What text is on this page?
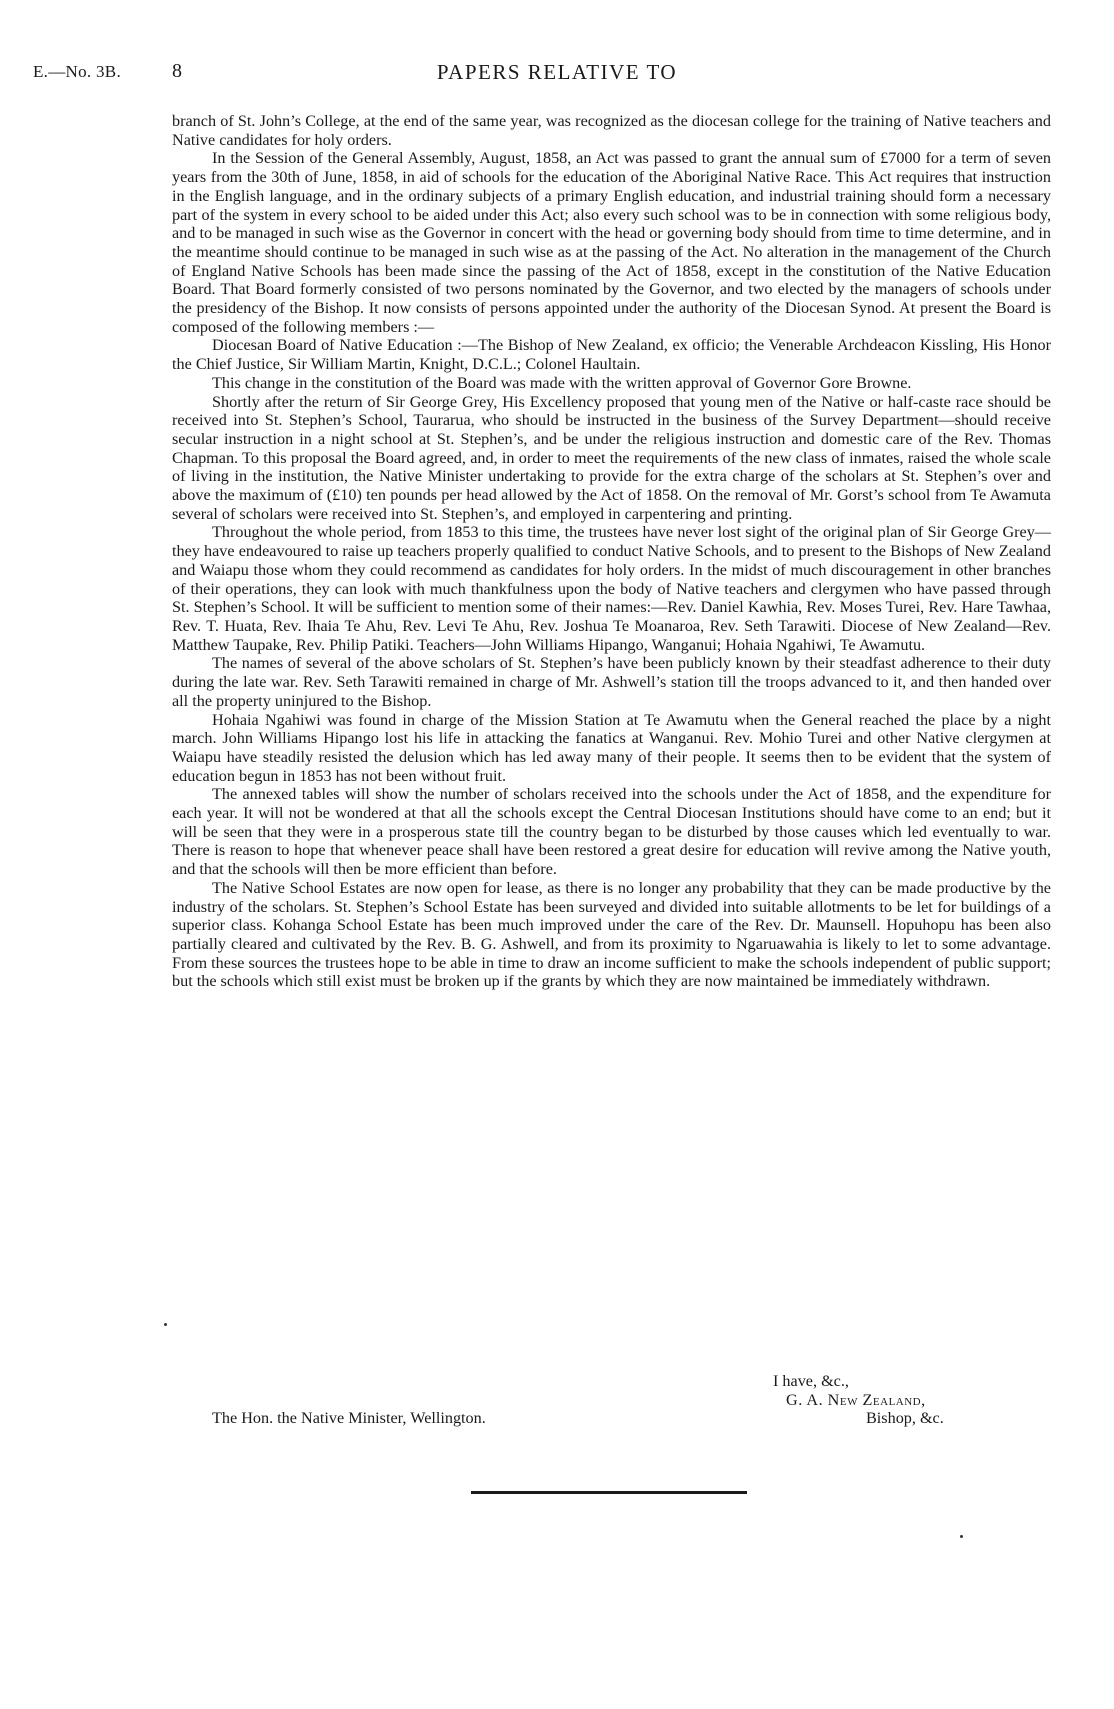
E.—No. 3B.	8	PAPERS RELATIVE TO

branch of St. John’s College, at the end of the same year, was recognized as the diocesan college for the training of Native teachers and Native candidates for holy orders.

In the Session of the General Assembly, August, 1858, an Act was passed to grant the annual sum of £7000 for a term of seven years from the 30th of June, 1858, in aid of schools for the education of the Aboriginal Native Race. This Act requires that instruction in the English language, and in the ordinary subjects of a primary English education, and industrial training should form a necessary part of the system in every school to be aided under this Act; also every such school was to be in connection with some religious body, and to be managed in such wise as the Governor in concert with the head or governing body should from time to time determine, and in the meantime should continue to be managed in such wise as at the passing of the Act. No alteration in the management of the Church of England Native Schools has been made since the passing of the Act of 1858, except in the constitution of the Native Education Board. That Board formerly consisted of two persons nominated by the Governor, and two elected by the managers of schools under the presidency of the Bishop. It now consists of persons appointed under the authority of the Diocesan Synod. At present the Board is composed of the following members :—

Diocesan Board of Native Education :—The Bishop of New Zealand, ex officio; the Venerable Archdeacon Kissling, His Honor the Chief Justice, Sir William Martin, Knight, D.C.L.; Colonel Haultain.

This change in the constitution of the Board was made with the written approval of Governor Gore Browne.

Shortly after the return of Sir George Grey, His Excellency proposed that young men of the Native or half-caste race should be received into St. Stephen’s School, Taurarua, who should be instructed in the business of the Survey Department—should receive secular instruction in a night school at St. Stephen’s, and be under the religious instruction and domestic care of the Rev. Thomas Chapman. To this proposal the Board agreed, and, in order to meet the requirements of the new class of inmates, raised the whole scale of living in the institution, the Native Minister undertaking to provide for the extra charge of the scholars at St. Stephen’s over and above the maximum of (£10) ten pounds per head allowed by the Act of 1858. On the removal of Mr. Gorst’s school from Te Awamuta several of scholars were received into St. Stephen’s, and employed in carpentering and printing.

Throughout the whole period, from 1853 to this time, the trustees have never lost sight of the original plan of Sir George Grey—they have endeavoured to raise up teachers properly qualified to conduct Native Schools, and to present to the Bishops of New Zealand and Waiapu those whom they could recommend as candidates for holy orders. In the midst of much discouragement in other branches of their operations, they can look with much thankfulness upon the body of Native teachers and clergymen who have passed through St. Stephen’s School. It will be sufficient to mention some of their names:—Rev. Daniel Kawhia, Rev. Moses Turei, Rev. Hare Tawhaa, Rev. T. Huata, Rev. Ihaia Te Ahu, Rev. Levi Te Ahu, Rev. Joshua Te Moanaroa, Rev. Seth Tarawiti. Diocese of New Zealand—Rev. Matthew Taupake, Rev. Philip Patiki. Teachers—John Williams Hipango, Wanganui; Hohaia Ngahiwi, Te Awamutu.

The names of several of the above scholars of St. Stephen’s have been publicly known by their steadfast adherence to their duty during the late war. Rev. Seth Tarawiti remained in charge of Mr. Ashwell’s station till the troops advanced to it, and then handed over all the property uninjured to the Bishop.

Hohaia Ngahiwi was found in charge of the Mission Station at Te Awamutu when the General reached the place by a night march. John Williams Hipango lost his life in attacking the fanatics at Wanganui. Rev. Mohio Turei and other Native clergymen at Waiapu have steadily resisted the delusion which has led away many of their people. It seems then to be evident that the system of education begun in 1853 has not been without fruit.

The annexed tables will show the number of scholars received into the schools under the Act of 1858, and the expenditure for each year. It will not be wondered at that all the schools except the Central Diocesan Institutions should have come to an end; but it will be seen that they were in a prosperous state till the country began to be disturbed by those causes which led eventually to war. There is reason to hope that whenever peace shall have been restored a great desire for education will revive among the Native youth, and that the schools will then be more efficient than before.

The Native School Estates are now open for lease, as there is no longer any probability that they can be made productive by the industry of the scholars. St. Stephen’s School Estate has been surveyed and divided into suitable allotments to be let for buildings of a superior class. Kohanga School Estate has been much improved under the care of the Rev. Dr. Maunsell. Hopuhopu has been also partially cleared and cultivated by the Rev. B. G. Ashwell, and from its proximity to Ngaruawahia is likely to let to some advantage. From these sources the trustees hope to be able in time to draw an income sufficient to make the schools independent of public support; but the schools which still exist must be broken up if the grants by which they are now maintained be immediately withdrawn.

I have, &c.,
G. A. New Zealand,
The Hon. the Native Minister, Wellington.	Bishop, &c.
